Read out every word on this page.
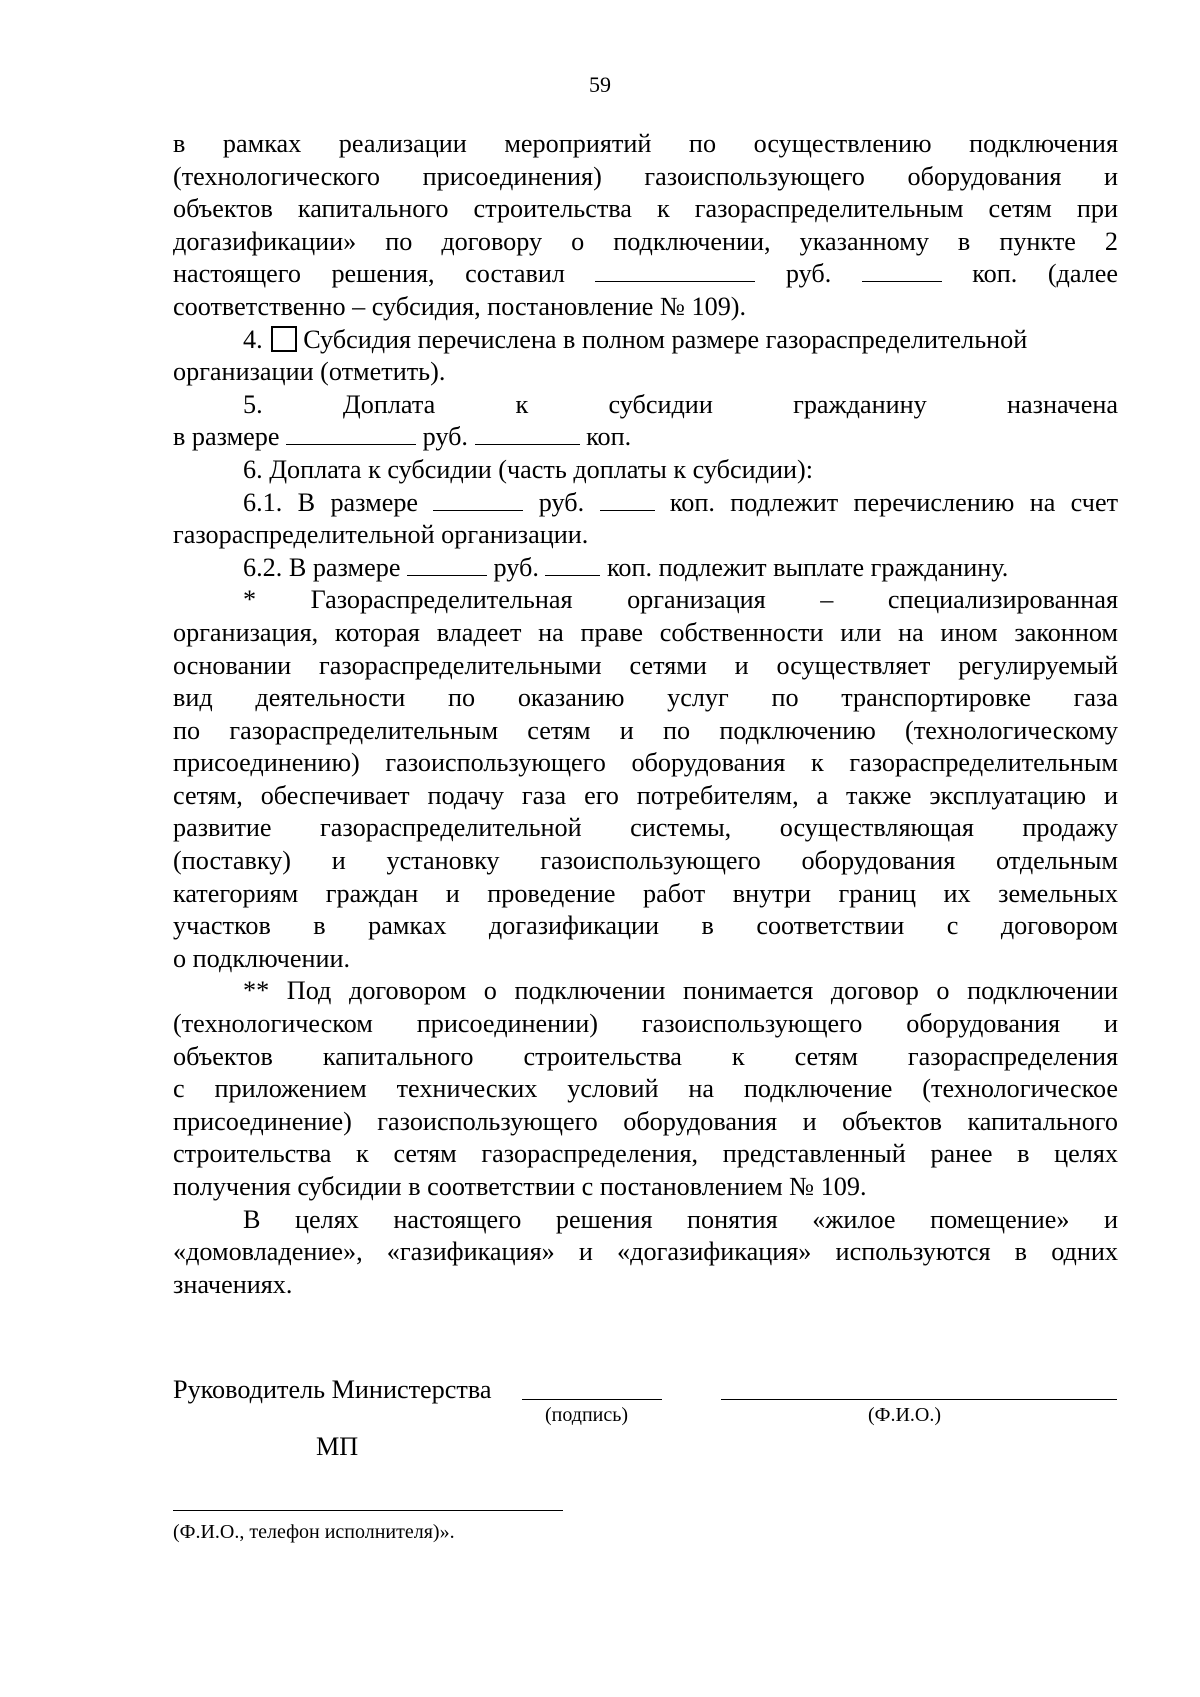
59

в рамках реализации мероприятий по осуществлению подключения

(технологического присоединения) газоиспользующего оборудования и

объектов капитального строительства к газораспределительным сетям при

догазификации» по договору о подключении, указанному в пункте 2

настоящего решения, составил	руб.	коп. (далее

соответственно – субсидия, постановление № 109).

4. Субсидия перечислена в полном размере газораспределительной

организации (отметить).

5.	Доплата	к	субсидии	гражданину	назначена

в размере	руб.	коп.

6. Доплата к субсидии (часть доплаты к субсидии):

6.1. В размере	руб.	коп. подлежит перечислению на счет

газораспределительной организации.

6.2. В размере	руб.	коп. подлежит выплате гражданину.

* Газораспределительная организация – специализированная

организация, которая владеет на праве собственности или на ином законном

основании газораспределительными сетями и осуществляет регулируемый

вид деятельности по оказанию услуг по транспортировке газа

по газораспределительным сетям и по подключению (технологическому

присоединению) газоиспользующего оборудования к газораспределительным

сетям, обеспечивает подачу газа его потребителям, а также эксплуатацию и

развитие газораспределительной системы, осуществляющая продажу

(поставку) и установку газоиспользующего оборудования отдельным

категориям граждан и проведение работ внутри границ их земельных

участков в рамках догазификации в соответствии с договором

о подключении.

** Под договором о подключении понимается договор о подключении

(технологическом присоединении) газоиспользующего оборудования и

объектов капитального строительства к сетям газораспределения

с приложением технических условий на подключение (технологическое

присоединение) газоиспользующего оборудования и объектов капитального

строительства к сетям газораспределения, представленный ранее в целях

получения субсидии в соответствии с постановлением № 109.

В целях настоящего решения понятия «жилое помещение» и

«домовладение», «газификация» и «догазификация» используются в одних

значениях.

Руководитель Министерства
(подпись)	(Ф.И.О.)
МП
(Ф.И.О., телефон исполнителя)».
